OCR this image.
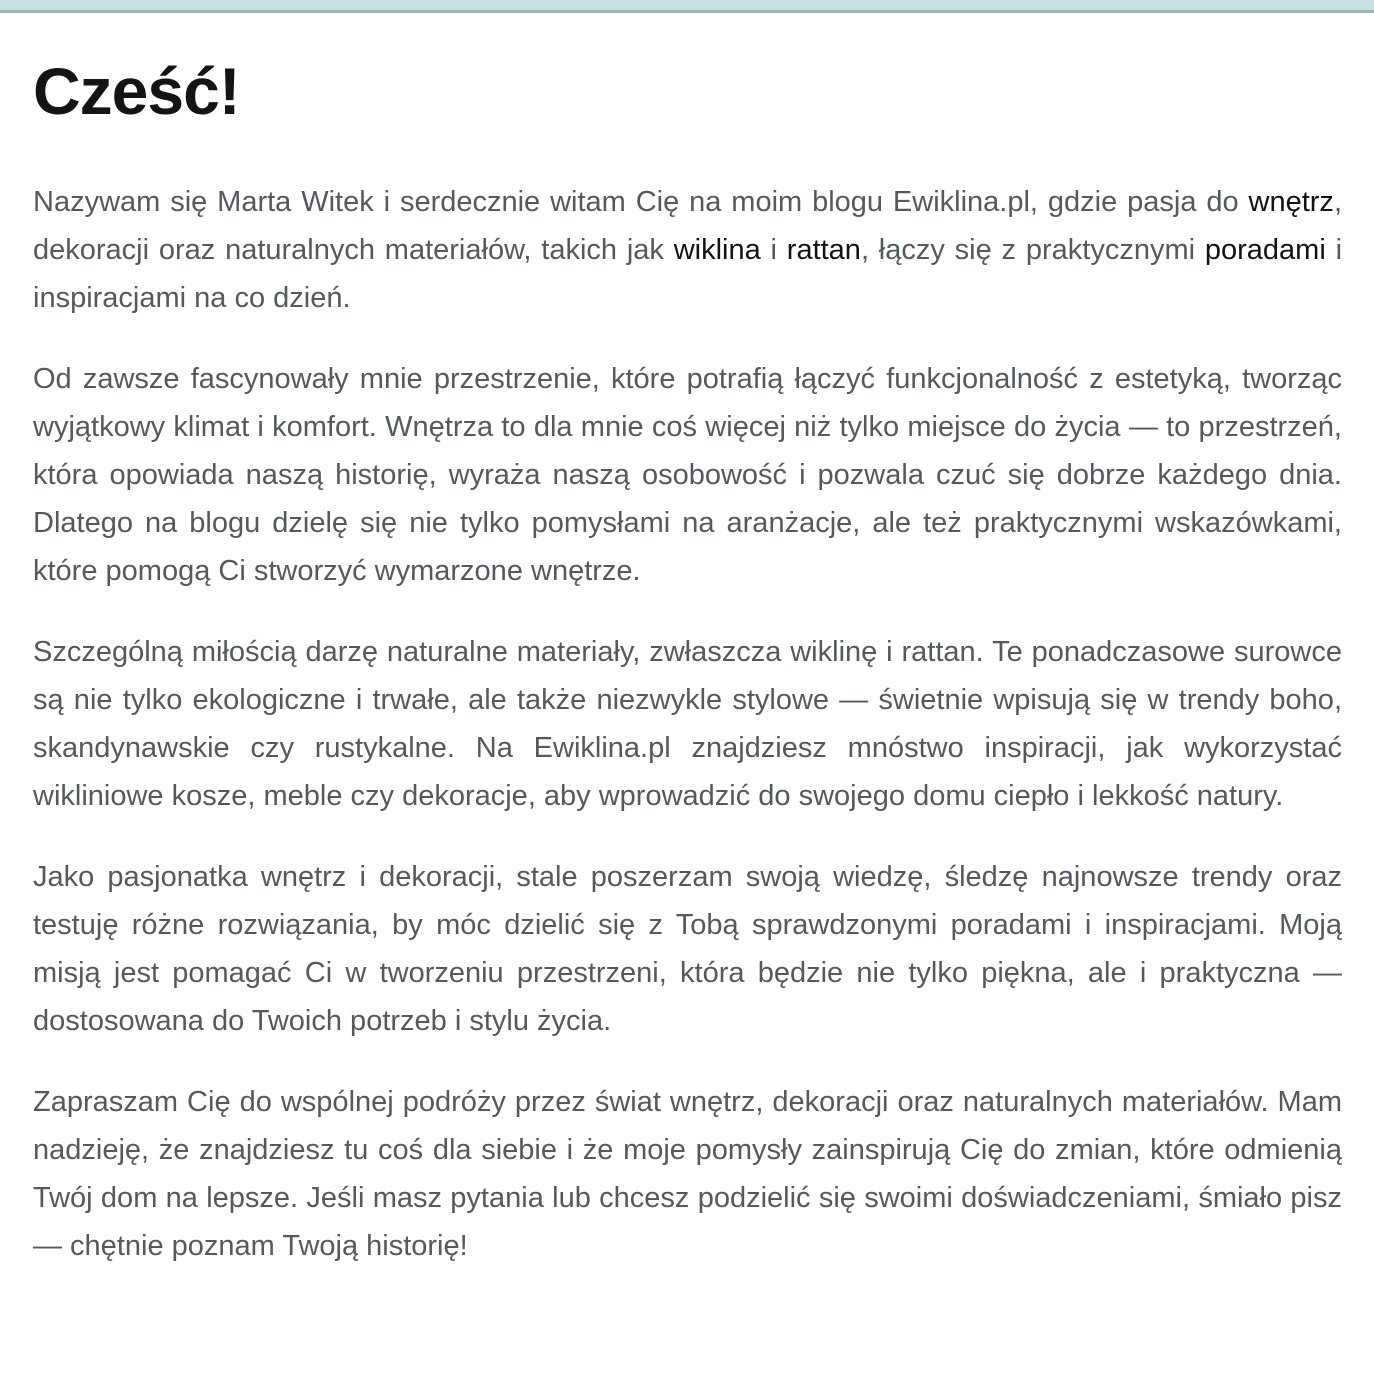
Cześć!

Nazywam się Marta Witek i serdecznie witam Cię na moim blogu Ewiklina.pl, gdzie pasja do wnętrz, dekoracji oraz naturalnych materiałów, takich jak wiklina i rattan, łączy się z praktycznymi poradami i inspiracjami na co dzień.

Od zawsze fascynowały mnie przestrzenie, które potrafią łączyć funkcjonalność z estetyką, tworząc wyjątkowy klimat i komfort. Wnętrza to dla mnie coś więcej niż tylko miejsce do życia — to przestrzeń, która opowiada naszą historię, wyraża naszą osobowość i pozwala czuć się dobrze każdego dnia. Dlatego na blogu dzielę się nie tylko pomysłami na aranżacje, ale też praktycznymi wskazówkami, które pomogą Ci stworzyć wymarzone wnętrze.

Szczególną miłością darzę naturalne materiały, zwłaszcza wiklinę i rattan. Te ponadczasowe surowce są nie tylko ekologiczne i trwałe, ale także niezwykle stylowe — świetnie wpisują się w trendy boho, skandynawskie czy rustykalne. Na Ewiklina.pl znajdziesz mnóstwo inspiracji, jak wykorzystać wikliniowe kosze, meble czy dekoracje, aby wprowadzić do swojego domu ciepło i lekkość natury.

Jako pasjonatka wnętrz i dekoracji, stale poszerzam swoją wiedzę, śledzę najnowsze trendy oraz testuję różne rozwiązania, by móc dzielić się z Tobą sprawdzonymi poradami i inspiracjami. Moją misją jest pomagać Ci w tworzeniu przestrzeni, która będzie nie tylko piękna, ale i praktyczna — dostosowana do Twoich potrzeb i stylu życia.

Zapraszam Cię do wspólnej podróży przez świat wnętrz, dekoracji oraz naturalnych materiałów. Mam nadzieję, że znajdziesz tu coś dla siebie i że moje pomysły zainspirują Cię do zmian, które odmienią Twój dom na lepsze. Jeśli masz pytania lub chcesz podzielić się swoimi doświadczeniami, śmiało pisz — chętnie poznam Twoją historię!
